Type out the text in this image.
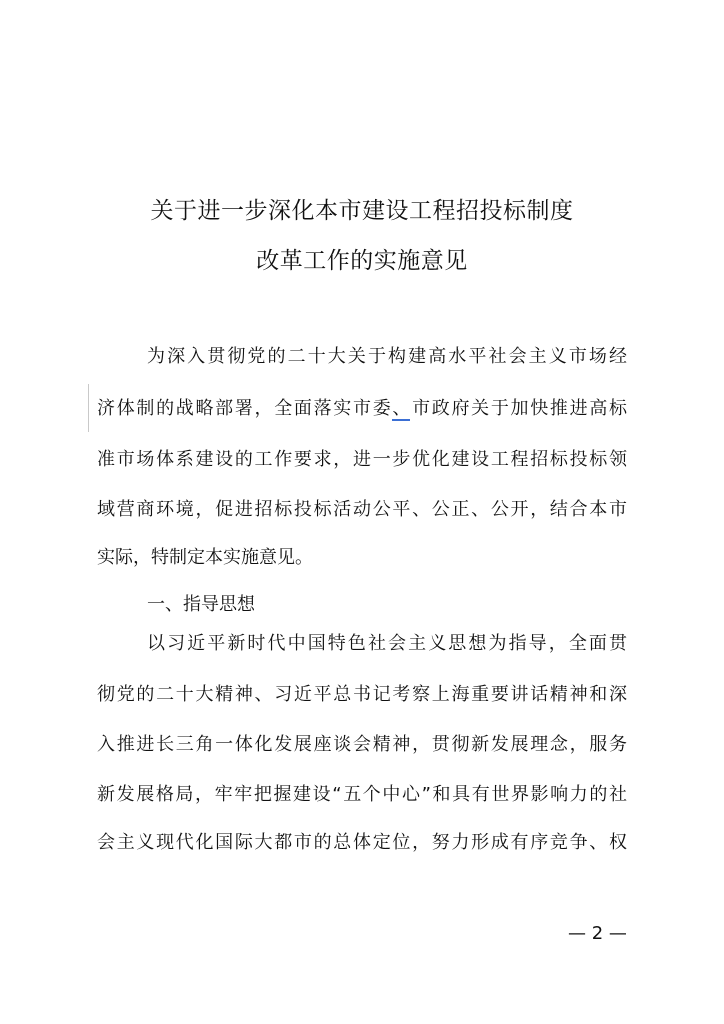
关于进一步深化本市建设工程招投标制度
改革工作的实施意见
为深入贯彻党的二十大关于构建高水平社会主义市场经
济体制的战略部署，全面落实市委、市政府关于加快推进高标
准市场体系建设的工作要求，进一步优化建设工程招标投标领
域营商环境，促进招标投标活动公平、公正、公开，结合本市
实际，特制定本实施意见。
一、指导思想
以习近平新时代中国特色社会主义思想为指导，全面贯
彻党的二十大精神、习近平总书记考察上海重要讲话精神和深
入推进长三角一体化发展座谈会精神，贯彻新发展理念，服务
新发展格局，牢牢把握建设“五个中心”和具有世界影响力的社
会主义现代化国际大都市的总体定位，努力形成有序竞争、权
— 2 —
